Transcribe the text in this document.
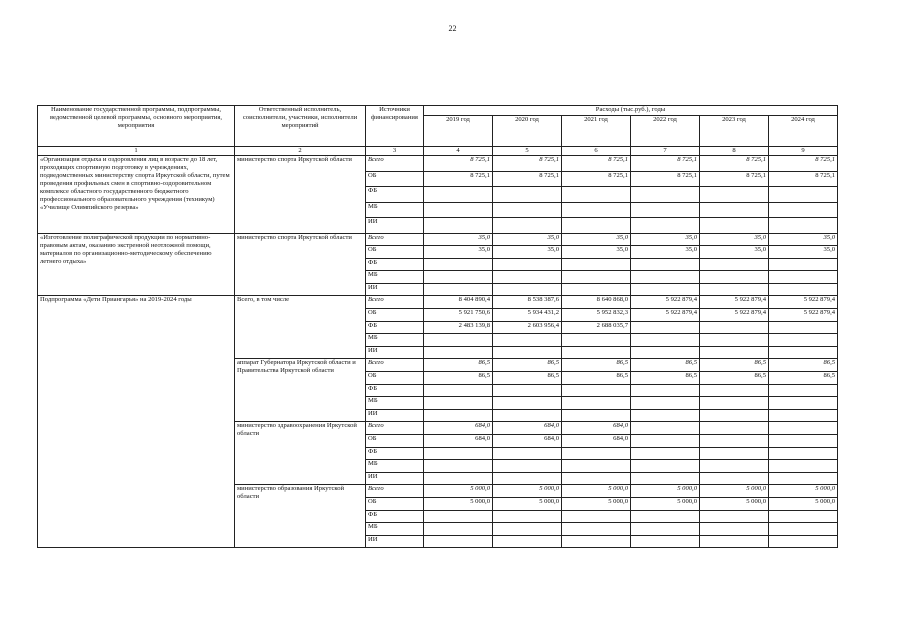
22
Наименование государственной программы, подпрограммы, ведомственной целевой программы, основного мероприятия, мероприятия	Ответственный исполнитель, соисполнители, участники, исполнители мероприятий	Источники финансирования	Расходы (тыс.руб.), годы					
			2019 год	2020 год	2021 год	2022 год	2023 год	2024 год
1	2	3	4	5	6	7	8	9
«Организация отдыха и оздоровления лиц в возрасте до 18 лет, проходящих спортивную подготовку в учреждениях, подведомственных министерству спорта Иркутской области, путем проведения профильных смен в спортивно-оздоровительном комплексе областного государственного бюджетного профессионального образовательного учреждения (техникум) «Училище Олимпийского резерва»	министерство спорта Иркутской области	Всего	8 725,1	8 725,1	8 725,1	8 725,1	8 725,1	8 725,1
		ОБ	8 725,1	8 725,1	8 725,1	8 725,1	8 725,1	8 725,1
		ФБ						
		МБ						
		ИИ						
«Изготовление полиграфической продукции по нормативно-правовым актам, оказанию экстренной неотложной помощи, материалов по организационно-методическому обеспечению летнего отдыха»	министерство спорта Иркутской области	Всего	35,0	35,0	35,0	35,0	35,0	35,0
		ОБ	35,0	35,0	35,0	35,0	35,0	35,0
		ФБ						
		МБ						
		ИИ						
Подпрограмма «Дети Приангарья» на 2019-2024 годы	Всего, в том числе	Всего	8 404 890,4	8 538 387,6	8 640 868,0	5 922 879,4	5 922 879,4	5 922 879,4
		ОБ	5 921 750,6	5 934 431,2	5 952 832,3	5 922 879,4	5 922 879,4	5 922 879,4
		ФБ	2 483 139,8	2 603 956,4	2 688 035,7			
		МБ						
		ИИ						
	аппарат Губернатора Иркутской области и Правительства Иркутской области	Всего	86,5	86,5	86,5	86,5	86,5	86,5
		ОБ	86,5	86,5	86,5	86,5	86,5	86,5
		ФБ						
		МБ						
		ИИ						
	министерство здравоохранения Иркутской области	Всего	684,0	684,0	684,0			
		ОБ	684,0	684,0	684,0			
		ФБ						
		МБ						
		ИИ						
	министерство образования Иркутской области	Всего	5 000,0	5 000,0	5 000,0	5 000,0	5 000,0	5 000,0
		ОБ	5 000,0	5 000,0	5 000,0	5 000,0	5 000,0	5 000,0
		ФБ						
		МБ						
		ИИ						
